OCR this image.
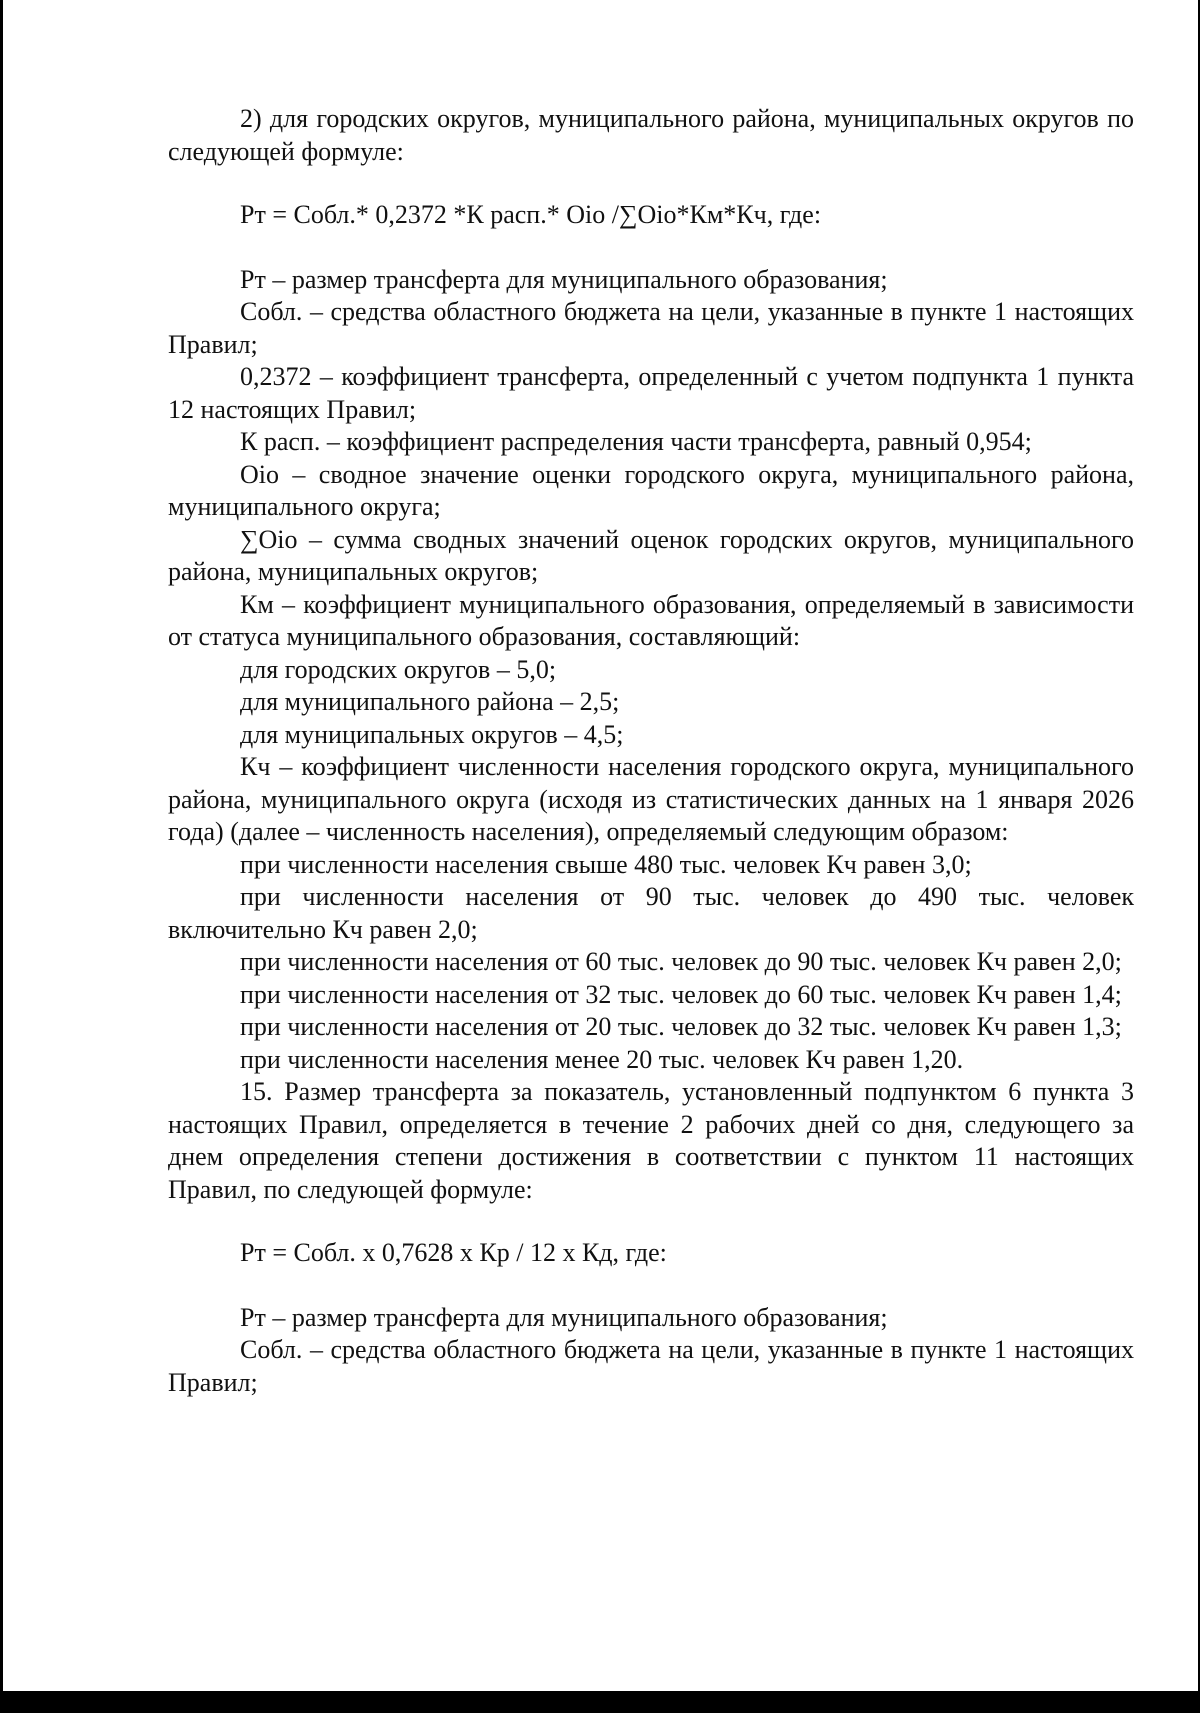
2) для городских округов, муниципального района, муниципальных округов по следующей формуле:

Рт = Собл.* 0,2372 *К расп.* Oio /∑Oio*Км*Кч, где:

Рт – размер трансферта для муниципального образования;

Собл. – средства областного бюджета на цели, указанные в пункте 1 настоящих Правил;

0,2372 – коэффициент трансферта, определенный с учетом подпункта 1 пункта 12 настоящих Правил;

К расп. – коэффициент распределения части трансферта, равный 0,954;

Oio – сводное значение оценки городского округа, муниципального района, муниципального округа;

∑Oio – сумма сводных значений оценок городских округов, муниципального района, муниципальных округов;

Км – коэффициент муниципального образования, определяемый в зависимости от статуса муниципального образования, составляющий:

для городских округов – 5,0;

для муниципального района – 2,5;

для муниципальных округов – 4,5;

Кч – коэффициент численности населения городского округа, муниципального района, муниципального округа (исходя из статистических данных на 1 января 2026 года) (далее – численность населения), определяемый следующим образом:

при численности населения свыше 480 тыс. человек Кч равен 3,0;

при численности населения от 90 тыс. человек до 490 тыс. человек включительно Кч равен 2,0;

при численности населения от 60 тыс. человек до 90 тыс. человек Кч равен 2,0;

при численности населения от 32 тыс. человек до 60 тыс. человек Кч равен 1,4;

при численности населения от 20 тыс. человек до 32 тыс. человек Кч равен 1,3;

при численности населения менее 20 тыс. человек Кч равен 1,20.

15. Размер трансферта за показатель, установленный подпунктом 6 пункта 3 настоящих Правил, определяется в течение 2 рабочих дней со дня, следующего за днем определения степени достижения в соответствии с пунктом 11 настоящих Правил, по следующей формуле:

Рт = Собл. х 0,7628 х Кр / 12 х Кд, где:

Рт – размер трансферта для муниципального образования;

Собл. – средства областного бюджета на цели, указанные в пункте 1 настоящих Правил;
